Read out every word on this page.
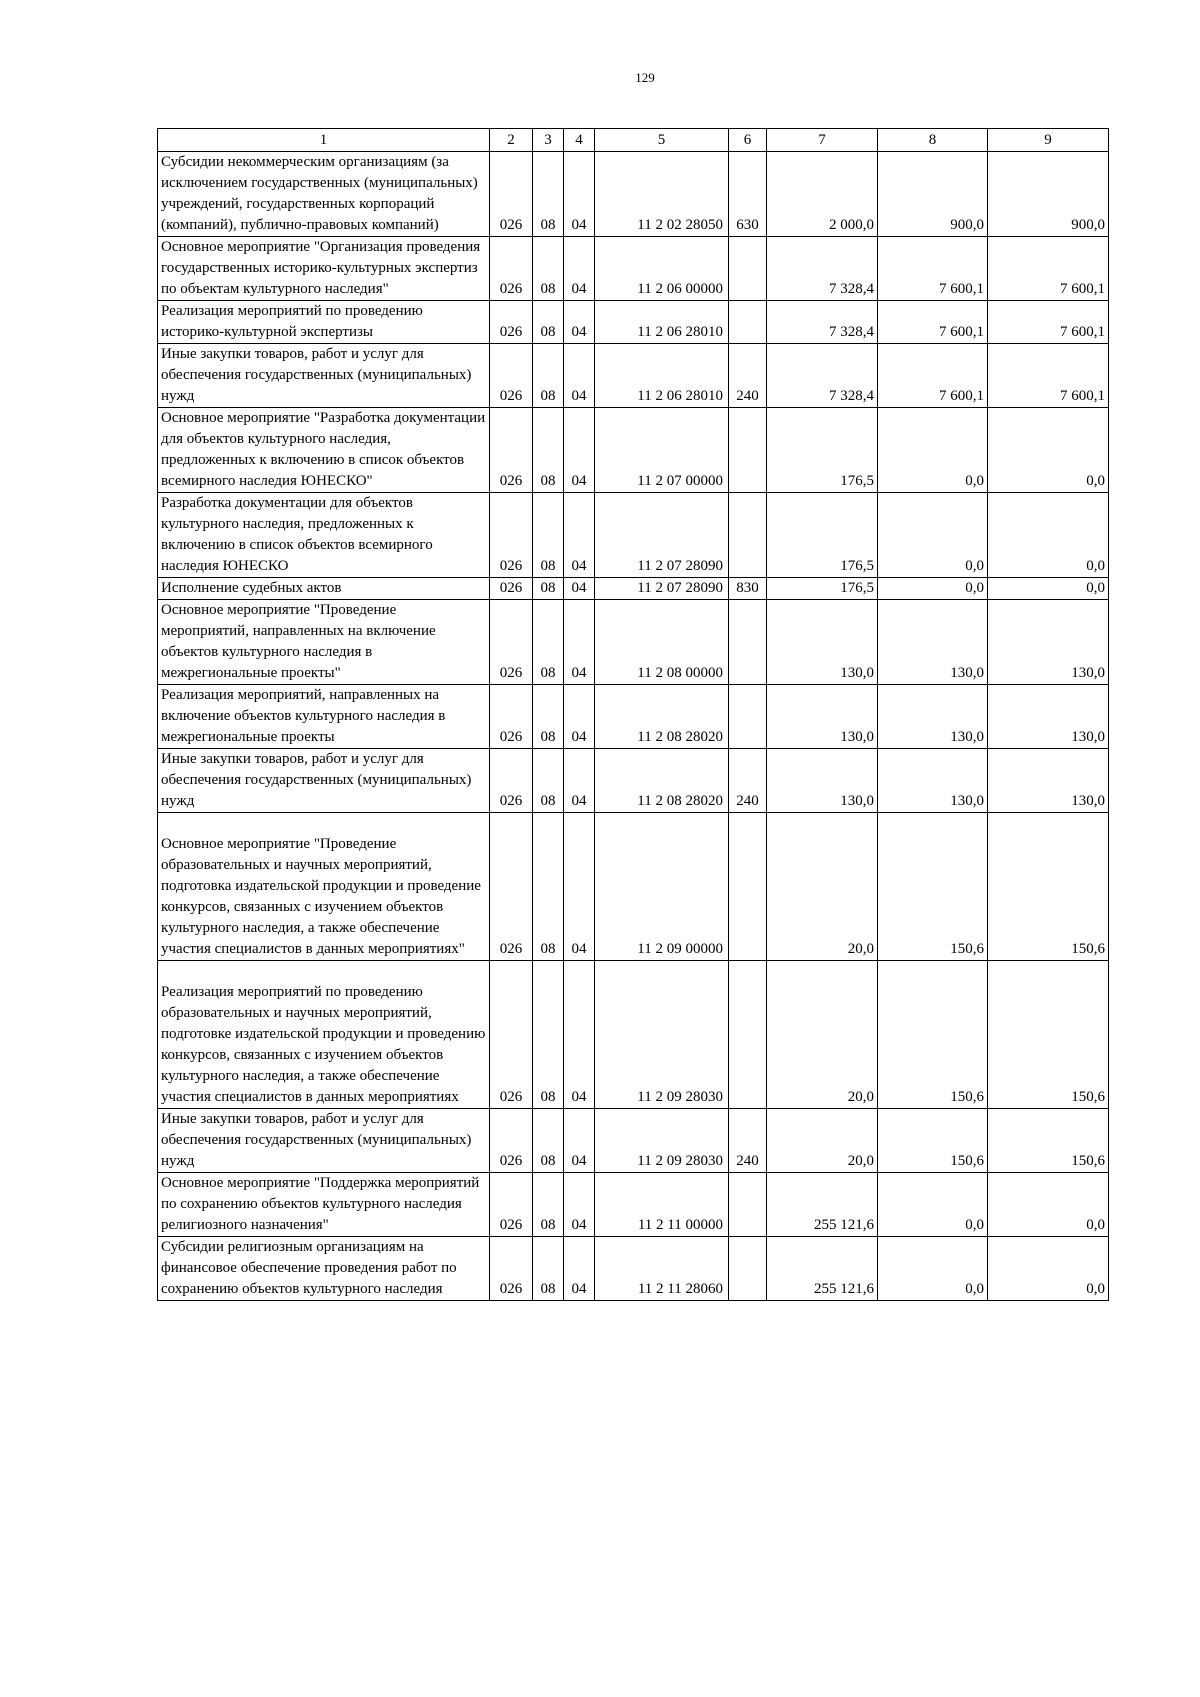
129
1	2	3	4	5	6	7	8	9
Субсидии некоммерческим организациям (за исключением государственных (муниципальных) учреждений, государственных корпораций (компаний), публично-правовых компаний)	026	08	04	11 2 02 28050	630	2 000,0	900,0	900,0
Основное мероприятие "Организация проведения государственных историко-культурных экспертиз по объектам культурного наследия"	026	08	04	11 2 06 00000		7 328,4	7 600,1	7 600,1
Реализация мероприятий по проведению историко-культурной экспертизы	026	08	04	11 2 06 28010		7 328,4	7 600,1	7 600,1
Иные закупки товаров, работ и услуг для обеспечения государственных (муниципальных) нужд	026	08	04	11 2 06 28010	240	7 328,4	7 600,1	7 600,1
Основное мероприятие "Разработка документации для объектов культурного наследия, предложенных к включению в список объектов всемирного наследия ЮНЕСКО"	026	08	04	11 2 07 00000		176,5	0,0	0,0
Разработка документации для объектов культурного наследия, предложенных к включению в список объектов всемирного наследия ЮНЕСКО	026	08	04	11 2 07 28090		176,5	0,0	0,0
Исполнение судебных актов	026	08	04	11 2 07 28090	830	176,5	0,0	0,0
Основное мероприятие "Проведение мероприятий, направленных на включение объектов культурного наследия в межрегиональные проекты"	026	08	04	11 2 08 00000		130,0	130,0	130,0
Реализация мероприятий, направленных на включение объектов культурного наследия в межрегиональные проекты	026	08	04	11 2 08 28020		130,0	130,0	130,0
Иные закупки товаров, работ и услуг для обеспечения государственных (муниципальных) нужд	026	08	04	11 2 08 28020	240	130,0	130,0	130,0
Основное мероприятие "Проведение образовательных и научных мероприятий, подготовка издательской продукции и проведение конкурсов, связанных с изучением объектов культурного наследия, а также обеспечение участия специалистов в данных мероприятиях"	026	08	04	11 2 09 00000		20,0	150,6	150,6
Реализация мероприятий по проведению образовательных и научных мероприятий, подготовке издательской продукции и проведению конкурсов, связанных с изучением объектов культурного наследия, а также обеспечение участия специалистов в данных мероприятиях	026	08	04	11 2 09 28030		20,0	150,6	150,6
Иные закупки товаров, работ и услуг для обеспечения государственных (муниципальных) нужд	026	08	04	11 2 09 28030	240	20,0	150,6	150,6
Основное мероприятие "Поддержка мероприятий по сохранению объектов культурного наследия религиозного назначения"	026	08	04	11 2 11 00000		255 121,6	0,0	0,0
Субсидии религиозным организациям на финансовое обеспечение проведения работ по сохранению объектов культурного наследия	026	08	04	11 2 11 28060		255 121,6	0,0	0,0
